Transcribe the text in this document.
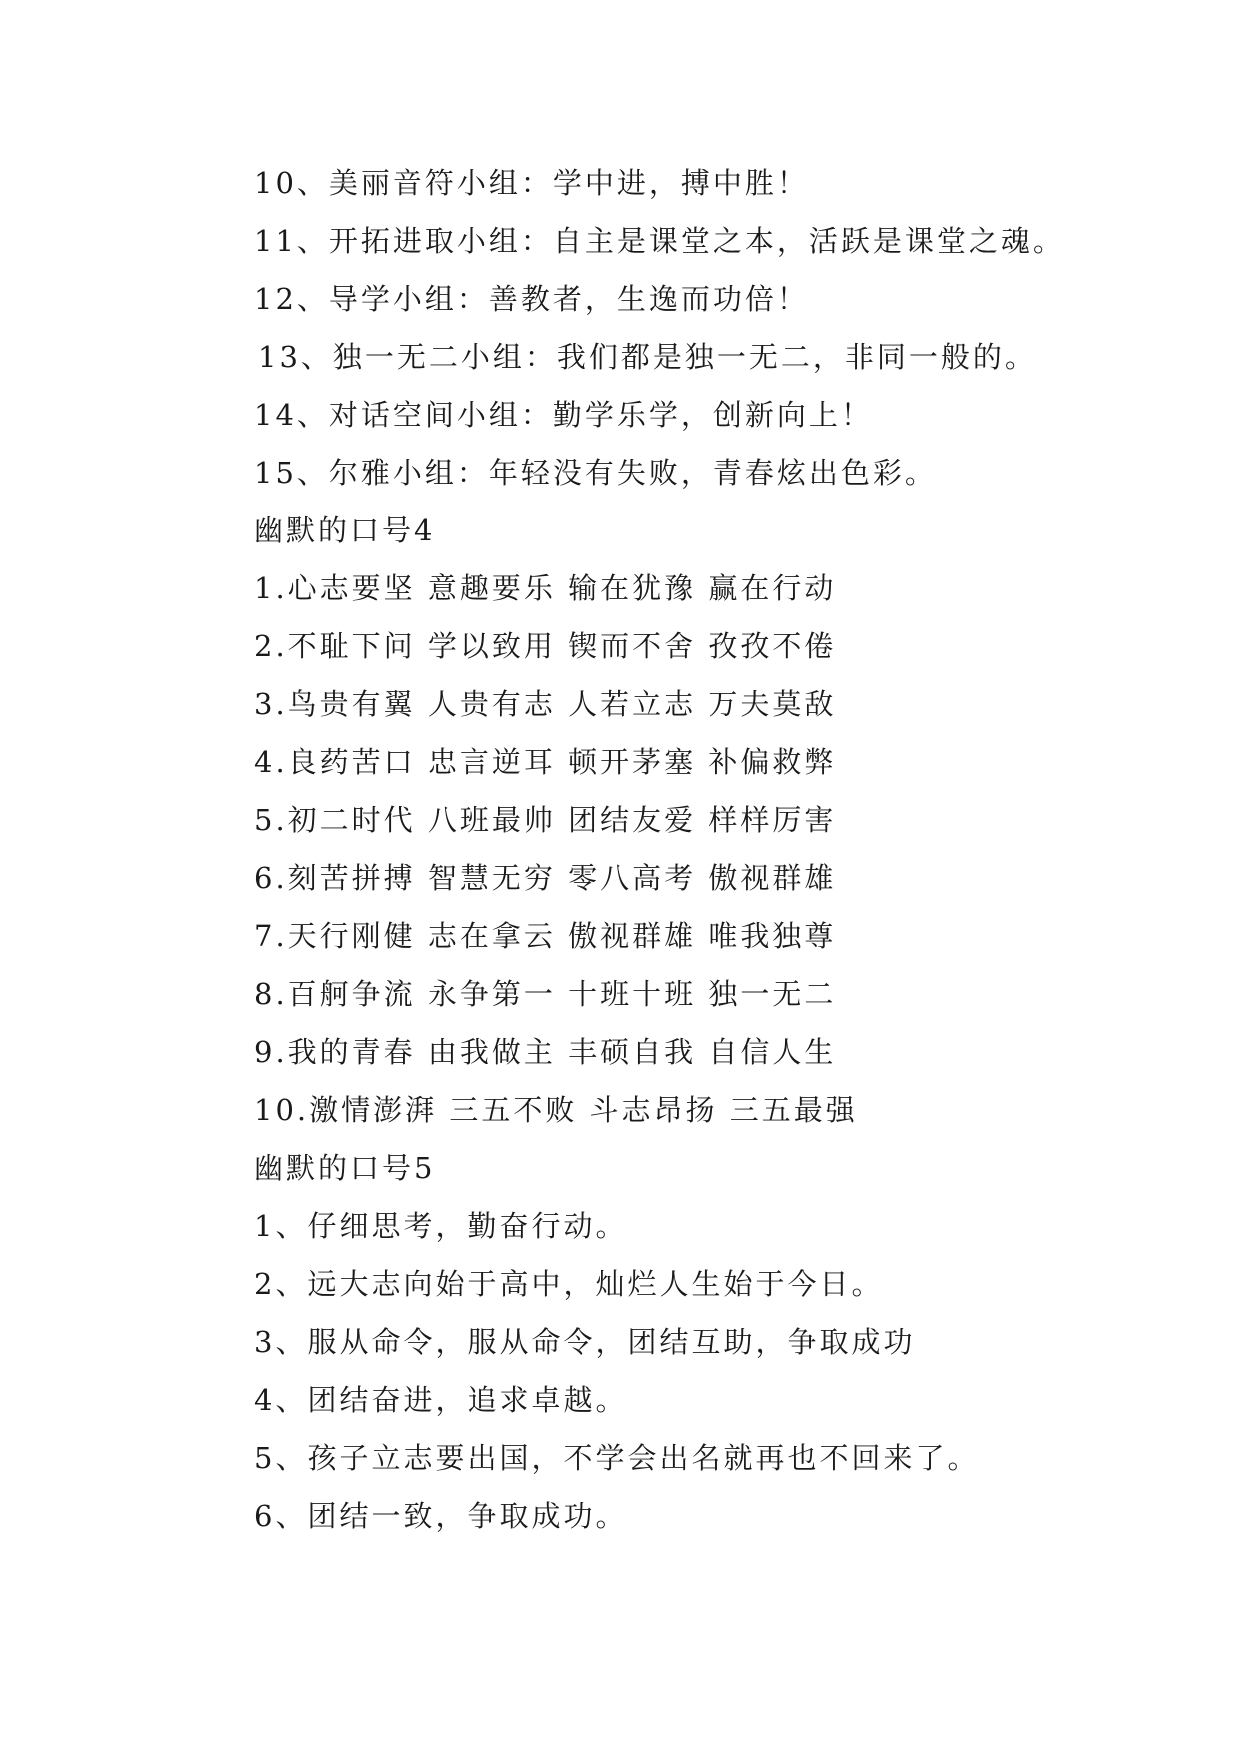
10、美丽音符小组：学中进，搏中胜！
11、开拓进取小组：自主是课堂之本，活跃是课堂之魂。
12、导学小组：善教者，生逸而功倍！
13、独一无二小组：我们都是独一无二，非同一般的。
14、对话空间小组：勤学乐学，创新向上！
15、尔雅小组：年轻没有失败，青春炫出色彩。
幽默的口号4
1.心志要坚 意趣要乐 输在犹豫 赢在行动
2.不耻下问 学以致用 锲而不舍 孜孜不倦
3.鸟贵有翼 人贵有志 人若立志 万夫莫敌
4.良药苦口 忠言逆耳 顿开茅塞 补偏救弊
5.初二时代 八班最帅 团结友爱 样样厉害
6.刻苦拼搏 智慧无穷 零八高考 傲视群雄
7.天行刚健 志在拿云 傲视群雄 唯我独尊
8.百舸争流 永争第一 十班十班 独一无二
9.我的青春 由我做主 丰硕自我 自信人生
10.激情澎湃 三五不败 斗志昂扬 三五最强
幽默的口号5
1、仔细思考，勤奋行动。
2、远大志向始于高中，灿烂人生始于今日。
3、服从命令，服从命令，团结互助，争取成功
4、团结奋进，追求卓越。
5、孩子立志要出国，不学会出名就再也不回来了。
6、团结一致，争取成功。
